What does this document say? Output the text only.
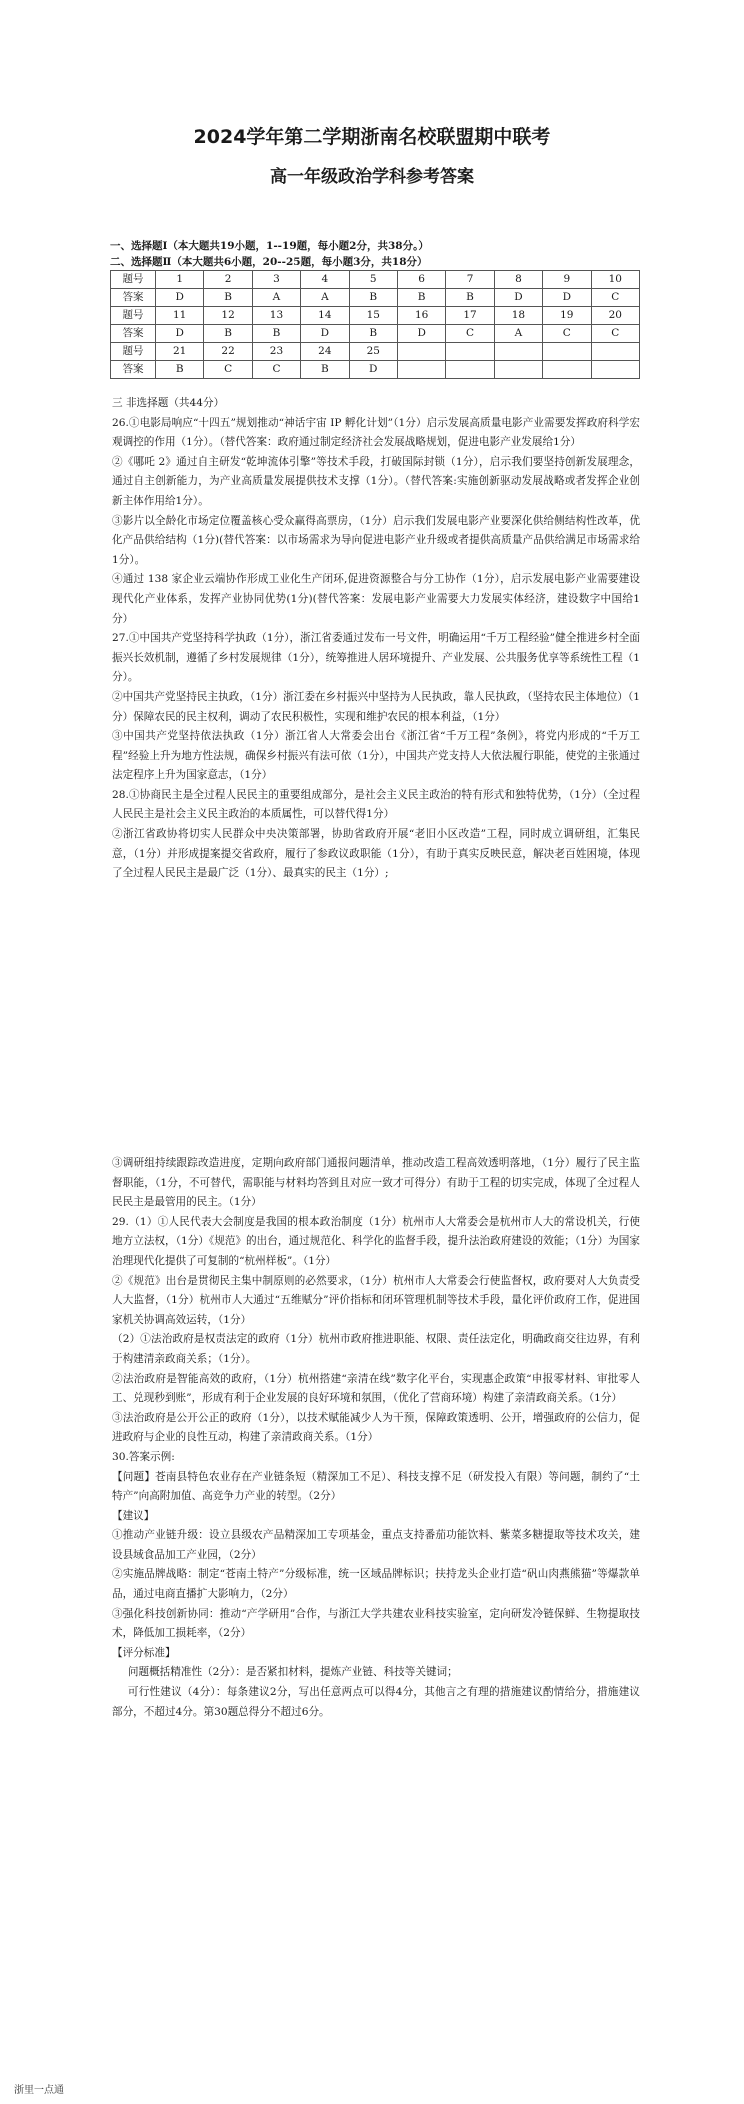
2024学年第二学期浙南名校联盟期中联考
高一年级政治学科参考答案
一、选择题Ⅰ（本大题共19小题，1--19题，每小题2分，共38分。）
二、选择题Ⅱ（本大题共6小题，20--25题，每小题3分，共18分）
题号	1	2	3	4	5	6	7	8	9	10
答案	D	B	A	A	B	B	B	D	D	C
题号	11	12	13	14	15	16	17	18	19	20
答案	D	B	B	D	B	D	C	A	C	C
题号	21	22	23	24	25					
答案	B	C	C	B	D					

三 非选择题（共44分）

26.①电影局响应“十四五”规划推动“神话宇宙 IP 孵化计划”（1分）启示发展高质量电影产业需要发挥政府科学宏观调控的作用（1分）。（替代答案：政府通过制定经济社会发展战略规划，促进电影产业发展给1分）

②《哪吒 2》通过自主研发“乾坤流体引擎”等技术手段，打破国际封锁（1分），启示我们要坚持创新发展理念，通过自主创新能力，为产业高质量发展提供技术支撑（1分）。（替代答案:实施创新驱动发展战略或者发挥企业创新主体作用给1分）。

③影片以全龄化市场定位覆盖核心受众赢得高票房，（1分）启示我们发展电影产业要深化供给侧结构性改革，优化产品供给结构（1分)(替代答案：以市场需求为导向促进电影产业升级或者提供高质量产品供给满足市场需求给1分）。

④通过 138 家企业云端协作形成工业化生产闭环,促进资源整合与分工协作（1分），启示发展电影产业需要建设现代化产业体系，发挥产业协同优势(1分)(替代答案：发展电影产业需要大力发展实体经济，建设数字中国给1分）

27.①中国共产党坚持科学执政（1分），浙江省委通过发布一号文件，明确运用“千万工程经验”健全推进乡村全面振兴长效机制，遵循了乡村发展规律（1分），统筹推进人居环境提升、产业发展、公共服务优享等系统性工程（1分）。

②中国共产党坚持民主执政，（1分）浙江委在乡村振兴中坚持为人民执政，靠人民执政，（坚持农民主体地位）（1分）保障农民的民主权利，调动了农民积极性，实现和维护农民的根本利益，（1分）

③中国共产党坚持依法执政（1分）浙江省人大常委会出台《浙江省“千万工程”条例》，将党内形成的“千万工程”经验上升为地方性法规，确保乡村振兴有法可依（1分），中国共产党支持人大依法履行职能，使党的主张通过法定程序上升为国家意志，（1分）

28.①协商民主是全过程人民民主的重要组成部分，是社会主义民主政治的特有形式和独特优势，（1分）（全过程人民民主是社会主义民主政治的本质属性，可以替代得1分）

②浙江省政协将切实人民群众中央决策部署，协助省政府开展“老旧小区改造”工程，同时成立调研组，汇集民意，（1分）并形成提案提交省政府，履行了参政议政职能（1分），有助于真实反映民意，解决老百姓困境，体现了全过程人民民主是最广泛（1分）、最真实的民主（1分）;

③调研组持续跟踪改造进度，定期向政府部门通报问题清单，推动改造工程高效透明落地，（1分）履行了民主监督职能，（1分，不可替代，需职能与材料均答到且对应一致才可得分）有助于工程的切实完成，体现了全过程人民民主是最管用的民主。（1分）

29.（1）①人民代表大会制度是我国的根本政治制度（1分）杭州市人大常委会是杭州市人大的常设机关，行使地方立法权，（1分）《规范》的出台，通过规范化、科学化的监督手段，提升法治政府建设的效能；（1分）为国家治理现代化提供了可复制的“杭州样板”。（1分）

②《规范》出台是贯彻民主集中制原则的必然要求，（1分）杭州市人大常委会行使监督权，政府要对人大负责受人大监督，（1分）杭州市人大通过“五维赋分”评价指标和闭环管理机制等技术手段，量化评价政府工作，促进国家机关协调高效运转，（1分）

（2）①法治政府是权责法定的政府（1分）杭州市政府推进职能、权限、责任法定化，明确政商交往边界，有利于构建清亲政商关系；（1分）。

②法治政府是智能高效的政府，（1分）杭州搭建“亲清在线”数字化平台，实现惠企政策“申报零材料、审批零人工、兑现秒到账”，形成有利于企业发展的良好环境和氛围，（优化了营商环境）构建了亲清政商关系。（1分）

③法治政府是公开公正的政府（1分），以技术赋能减少人为干预，保障政策透明、公开，增强政府的公信力，促进政府与企业的良性互动，构建了亲清政商关系。（1分）

30.答案示例:

【问题】苍南县特色农业存在产业链条短（精深加工不足）、科技支撑不足（研发投入有限）等问题，制约了“土特产”向高附加值、高竞争力产业的转型。（2分）

【建议】

①推动产业链升级：设立县级农产品精深加工专项基金，重点支持番茄功能饮料、紫菜多糖提取等技术攻关，建设县域食品加工产业园，（2分）

②实施品牌战略：制定“苍南土特产”分级标准，统一区域品牌标识；扶持龙头企业打造“矾山肉燕熊猫”等爆款单品，通过电商直播扩大影响力，（2分）

③强化科技创新协同：推动“产学研用”合作，与浙江大学共建农业科技实验室，定向研发冷链保鲜、生物提取技术，降低加工损耗率，（2分）

【评分标准】

问题概括精准性（2分）：是否紧扣材料，提炼产业链、科技等关键词；

可行性建议（4分）：每条建议2分，写出任意两点可以得4分，其他言之有理的措施建议酌情给分，措施建议部分，不超过4分。第30题总得分不超过6分。

浙里一点通
